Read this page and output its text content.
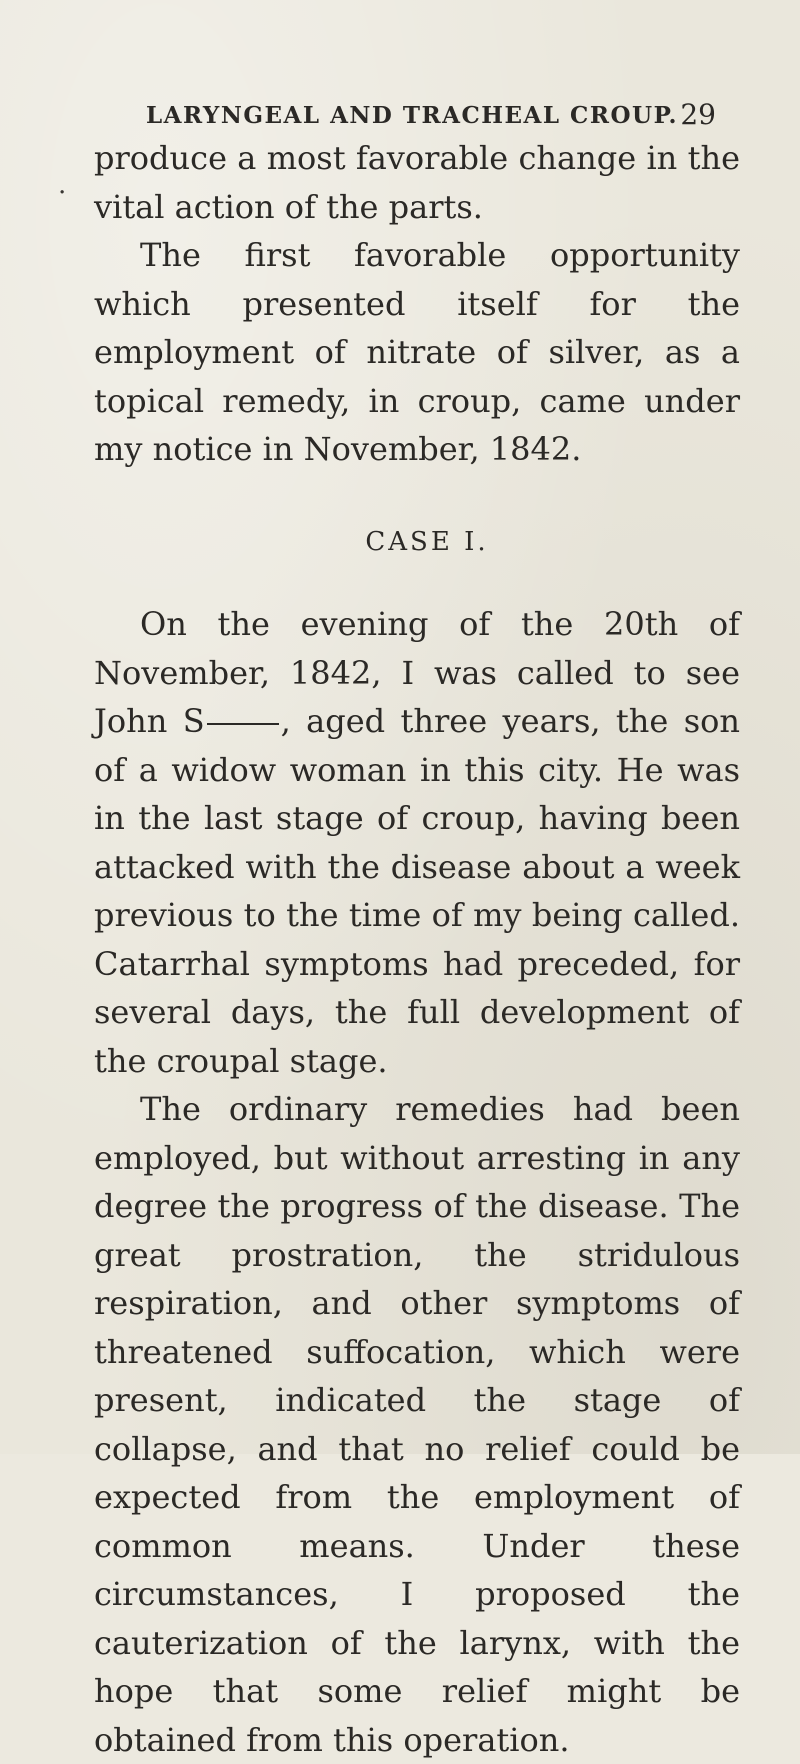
LARYNGEAL AND TRACHEAL CROUP. 29
.

produce a most favorable change in the vital action of the parts.

The first favorable opportunity which presented itself for the employment of nitrate of silver, as a topical remedy, in croup, came under my notice in November, 1842.

CASE I.

On the evening of the 20th of November, 1842, I was called to see John S , aged three years, the son of a widow woman in this city. He was in the last stage of croup, having been attacked with the disease about a week previous to the time of my being called. Catarrhal symptoms had preceded, for several days, the full development of the croupal stage.

The ordinary remedies had been employed, but without arresting in any degree the progress of the disease. The great prostration, the stridulous respiration, and other symptoms of threatened suffocation, which were present, indicated the stage of collapse, and that no relief could be expected from the employment of common means. Under these circumstances, I proposed the cauterization of the larynx, with the hope that some relief might be obtained from this operation.
